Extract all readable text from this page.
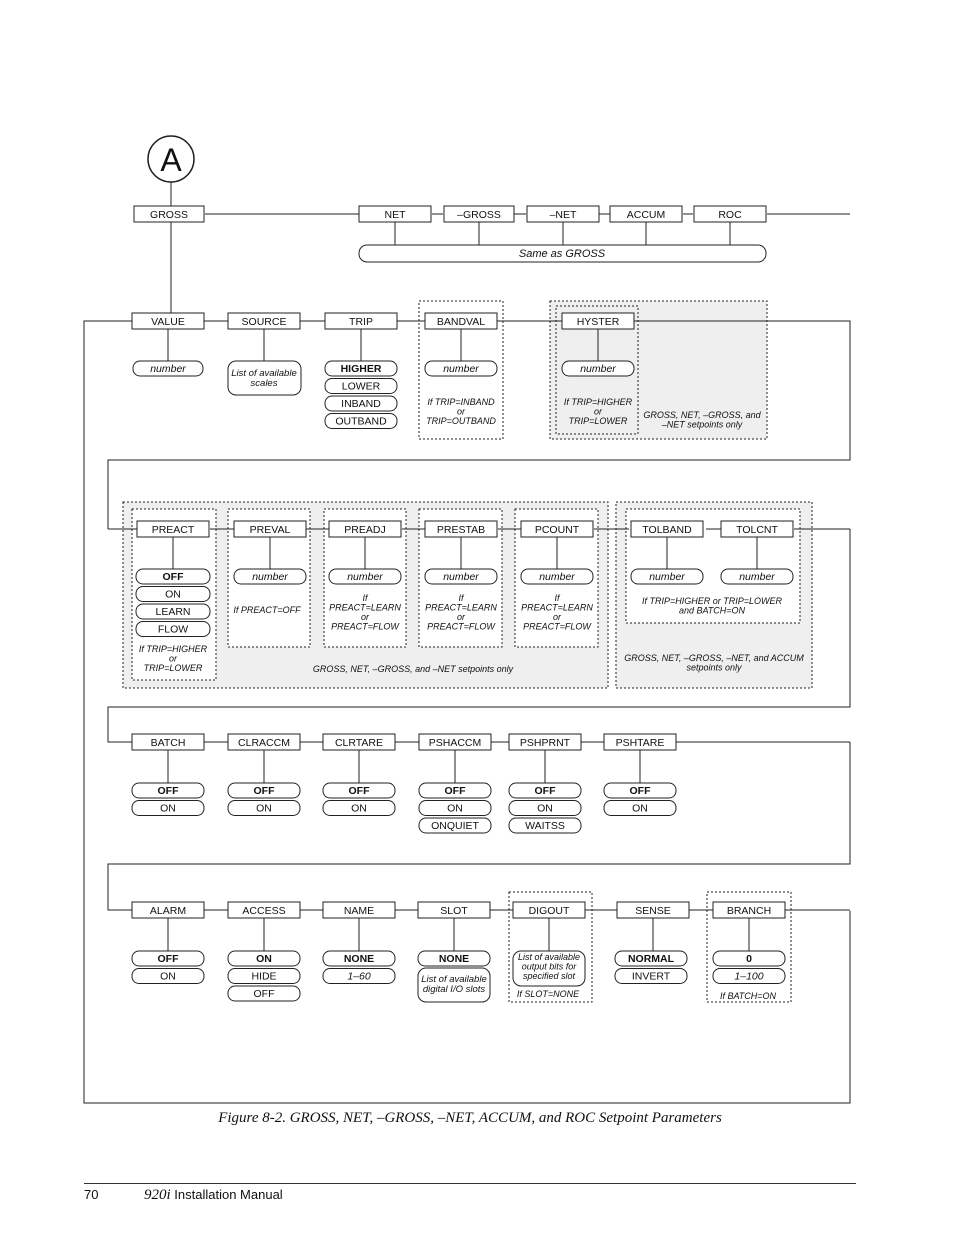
A
GROSS	NET	–GROSS	–NET	ACCUM	ROC
Same as GROSS
VALUE	SOURCE	TRIP	BANDVAL	HYSTER
number	List of available
scales
HIGHER
LOWER
INBAND
OUTBAND
number
If TRIP=INBAND
or
TRIP=OUTBAND
number
If TRIP=HIGHER
or
TRIP=LOWER
GROSS, NET, –GROSS, and
–NET setpoints only
PREACT	PREVAL	PREADJ	PRESTAB	PCOUNT	TOLBAND	TOLCNT
OFF
ON
LEARN
FLOW
If TRIP=HIGHER
or
TRIP=LOWER
number	number	number	number	number	number
If PREACT=OFF
If
PREACT=LEARN
or
PREACT=FLOW
If
PREACT=LEARN
or
PREACT=FLOW
If
PREACT=LEARN
or
PREACT=FLOW
GROSS, NET, –GROSS, and –NET setpoints only
If TRIP=HIGHER or TRIP=LOWER
and BATCH=ON
GROSS, NET, –GROSS, –NET, and ACCUM
setpoints only
BATCH	CLRACCM	CLRTARE	PSHACCM	PSHPRNT	PSHTARE
OFF
ON
OFF
ON
OFF
ON
OFF
ON
ONQUIET
OFF
ON
WAITSS
OFF
ON
ALARM	ACCESS	NAME	SLOT	DIGOUT	SENSE	BRANCH
OFF
ON
ON
HIDE
OFF
NONE
1–60
NONE
List of available
digital I/O slots
List of available
output bits for
specified slot
If SLOT=NONE
NORMAL
INVERT
0
1–100
If BATCH=ON
Figure 8-2. GROSS, NET, –GROSS, –NET, ACCUM, and ROC Setpoint Parameters
70	920i Installation Manual
